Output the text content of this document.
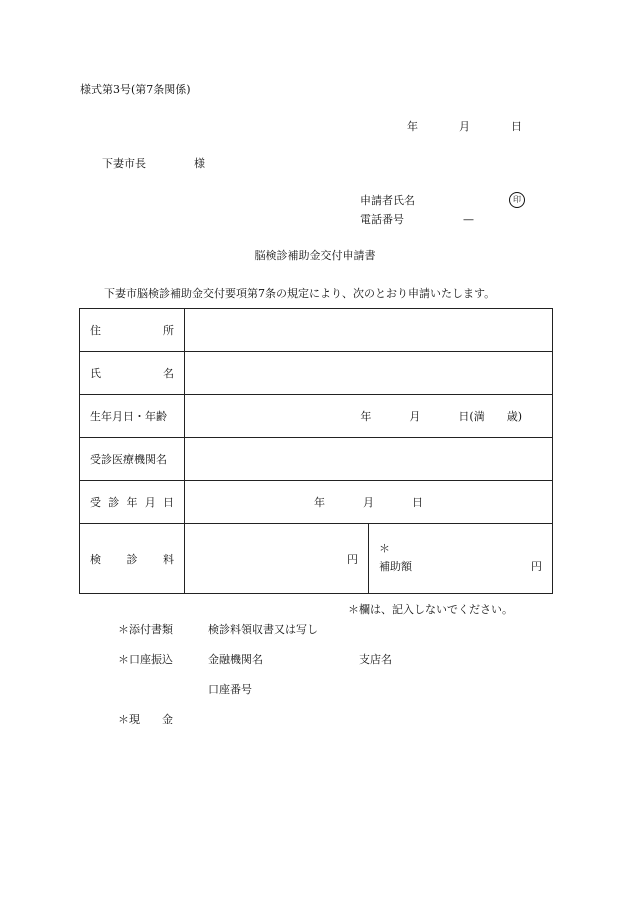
様式第3号(第7条関係)
年	月	日
下妻市長	様
申請者氏名	印
電話番号	—
脳検診補助金交付申請書
下妻市脳検診補助金交付要項第7条の規定により、次のとおり申請いたします。
住 所		

氏 名		

生年月日・年齢	年 月 日(満 歳)	

受診医療機関名		

受 診 年 月 日	年 月 日	

検 診 料	円	＊
補助額 円
＊欄は、記入しないでください。
＊添付書類	検診料領収書又は写し
＊口座振込	金融機関名	支店名
口座番号
＊現　　金
